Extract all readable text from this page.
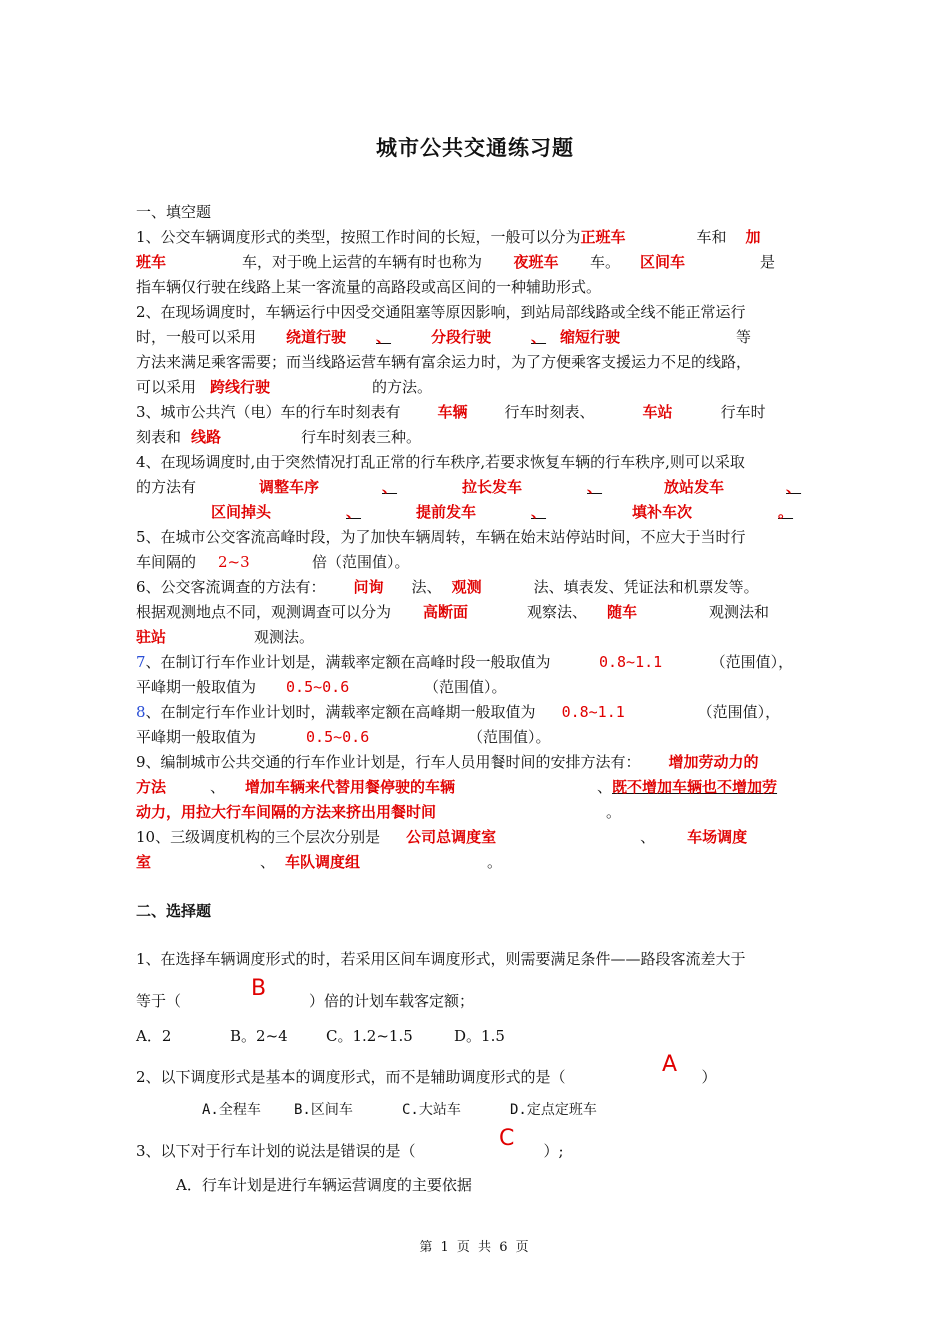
城市公共交通练习题
一、填空题
1、公交车辆调度形式的类型，按照工作时间的长短，一般可以分为正班车	车和 加
班车	车，对于晚上运营的车辆有时也称为 夜班车 车。 区间车	是
指车辆仅行驶在线路上某一客流量的高路段或高区间的一种辅助形式。
2、在现场调度时，车辆运行中因受交通阻塞等原因影响，到站局部线路或全线不能正常运行
时，一般可以采用 绕道行驶 、	分段行驶	、 缩短行驶	等
方法来满足乘客需要；而当线路运营车辆有富余运力时，为了方便乘客支援运力不足的线路，
可以采用 跨线行驶	的方法。
3、城市公共汽（电）车的行车时刻表有 车辆 行车时刻表、	车站	行车时
刻表和 线路	行车时刻表三种。
4、在现场调度时,由于突然情况打乱正常的行车秩序,若要求恢复车辆的行车秩序,则可以采取
的方法有	调整车序	、	拉长发车	、	放站发车	、
区间掉头	、	提前发车	、	填补车次	。
5、在城市公交客流高峰时段，为了加快车辆周转，车辆在始末站停站时间，不应大于当时行
车间隔的 2~3	倍（范围值）。
6、公交客流调查的方法有： 问询 法、 观测	法、填表发、凭证法和机票发等。
根据观测地点不同，观测调查可以分为 高断面	观察法、 随车	观测法和
驻站	观测法。
7、在制订行车作业计划是，满载率定额在高峰时段一般取值为	0.8~1.1	（范围值），
平峰期一般取值为 0.5~0.6	（范围值）。
8、在制定行车作业计划时，满载率定额在高峰期一般取值为 0.8~1.1	（范围值），
平峰期一般取值为	0.5~0.6	（范围值）。
9、编制城市公共交通的行车作业计划是，行车人员用餐时间的安排方法有： 增加劳动力的
方法	、 增加车辆来代替用餐停驶的车辆	、既不增加车辆也不增加劳
动力，用拉大行车间隔的方法来挤出用餐时间	。
10、三级调度机构的三个层次分别是 公司总调度室	、 车场调度
室	、 车队调度组	。
二、选择题
1、在选择车辆调度形式的时，若采用区间车调度形式，则需要满足条件——路段客流差大于
等于（	）倍的计划车载客定额；
B
A．2	B。2~4	C。1.2~1.5	D。1.5
2、以下调度形式是基本的调度形式，而不是辅助调度形式的是（	）
A
A.全程车 B.区间车	C.大站车	D.定点定班车
3、以下对于行车计划的说法是错误的是（	）;
C
A．行车计划是进行车辆运营调度的主要依据
第 1 页 共 6 页
